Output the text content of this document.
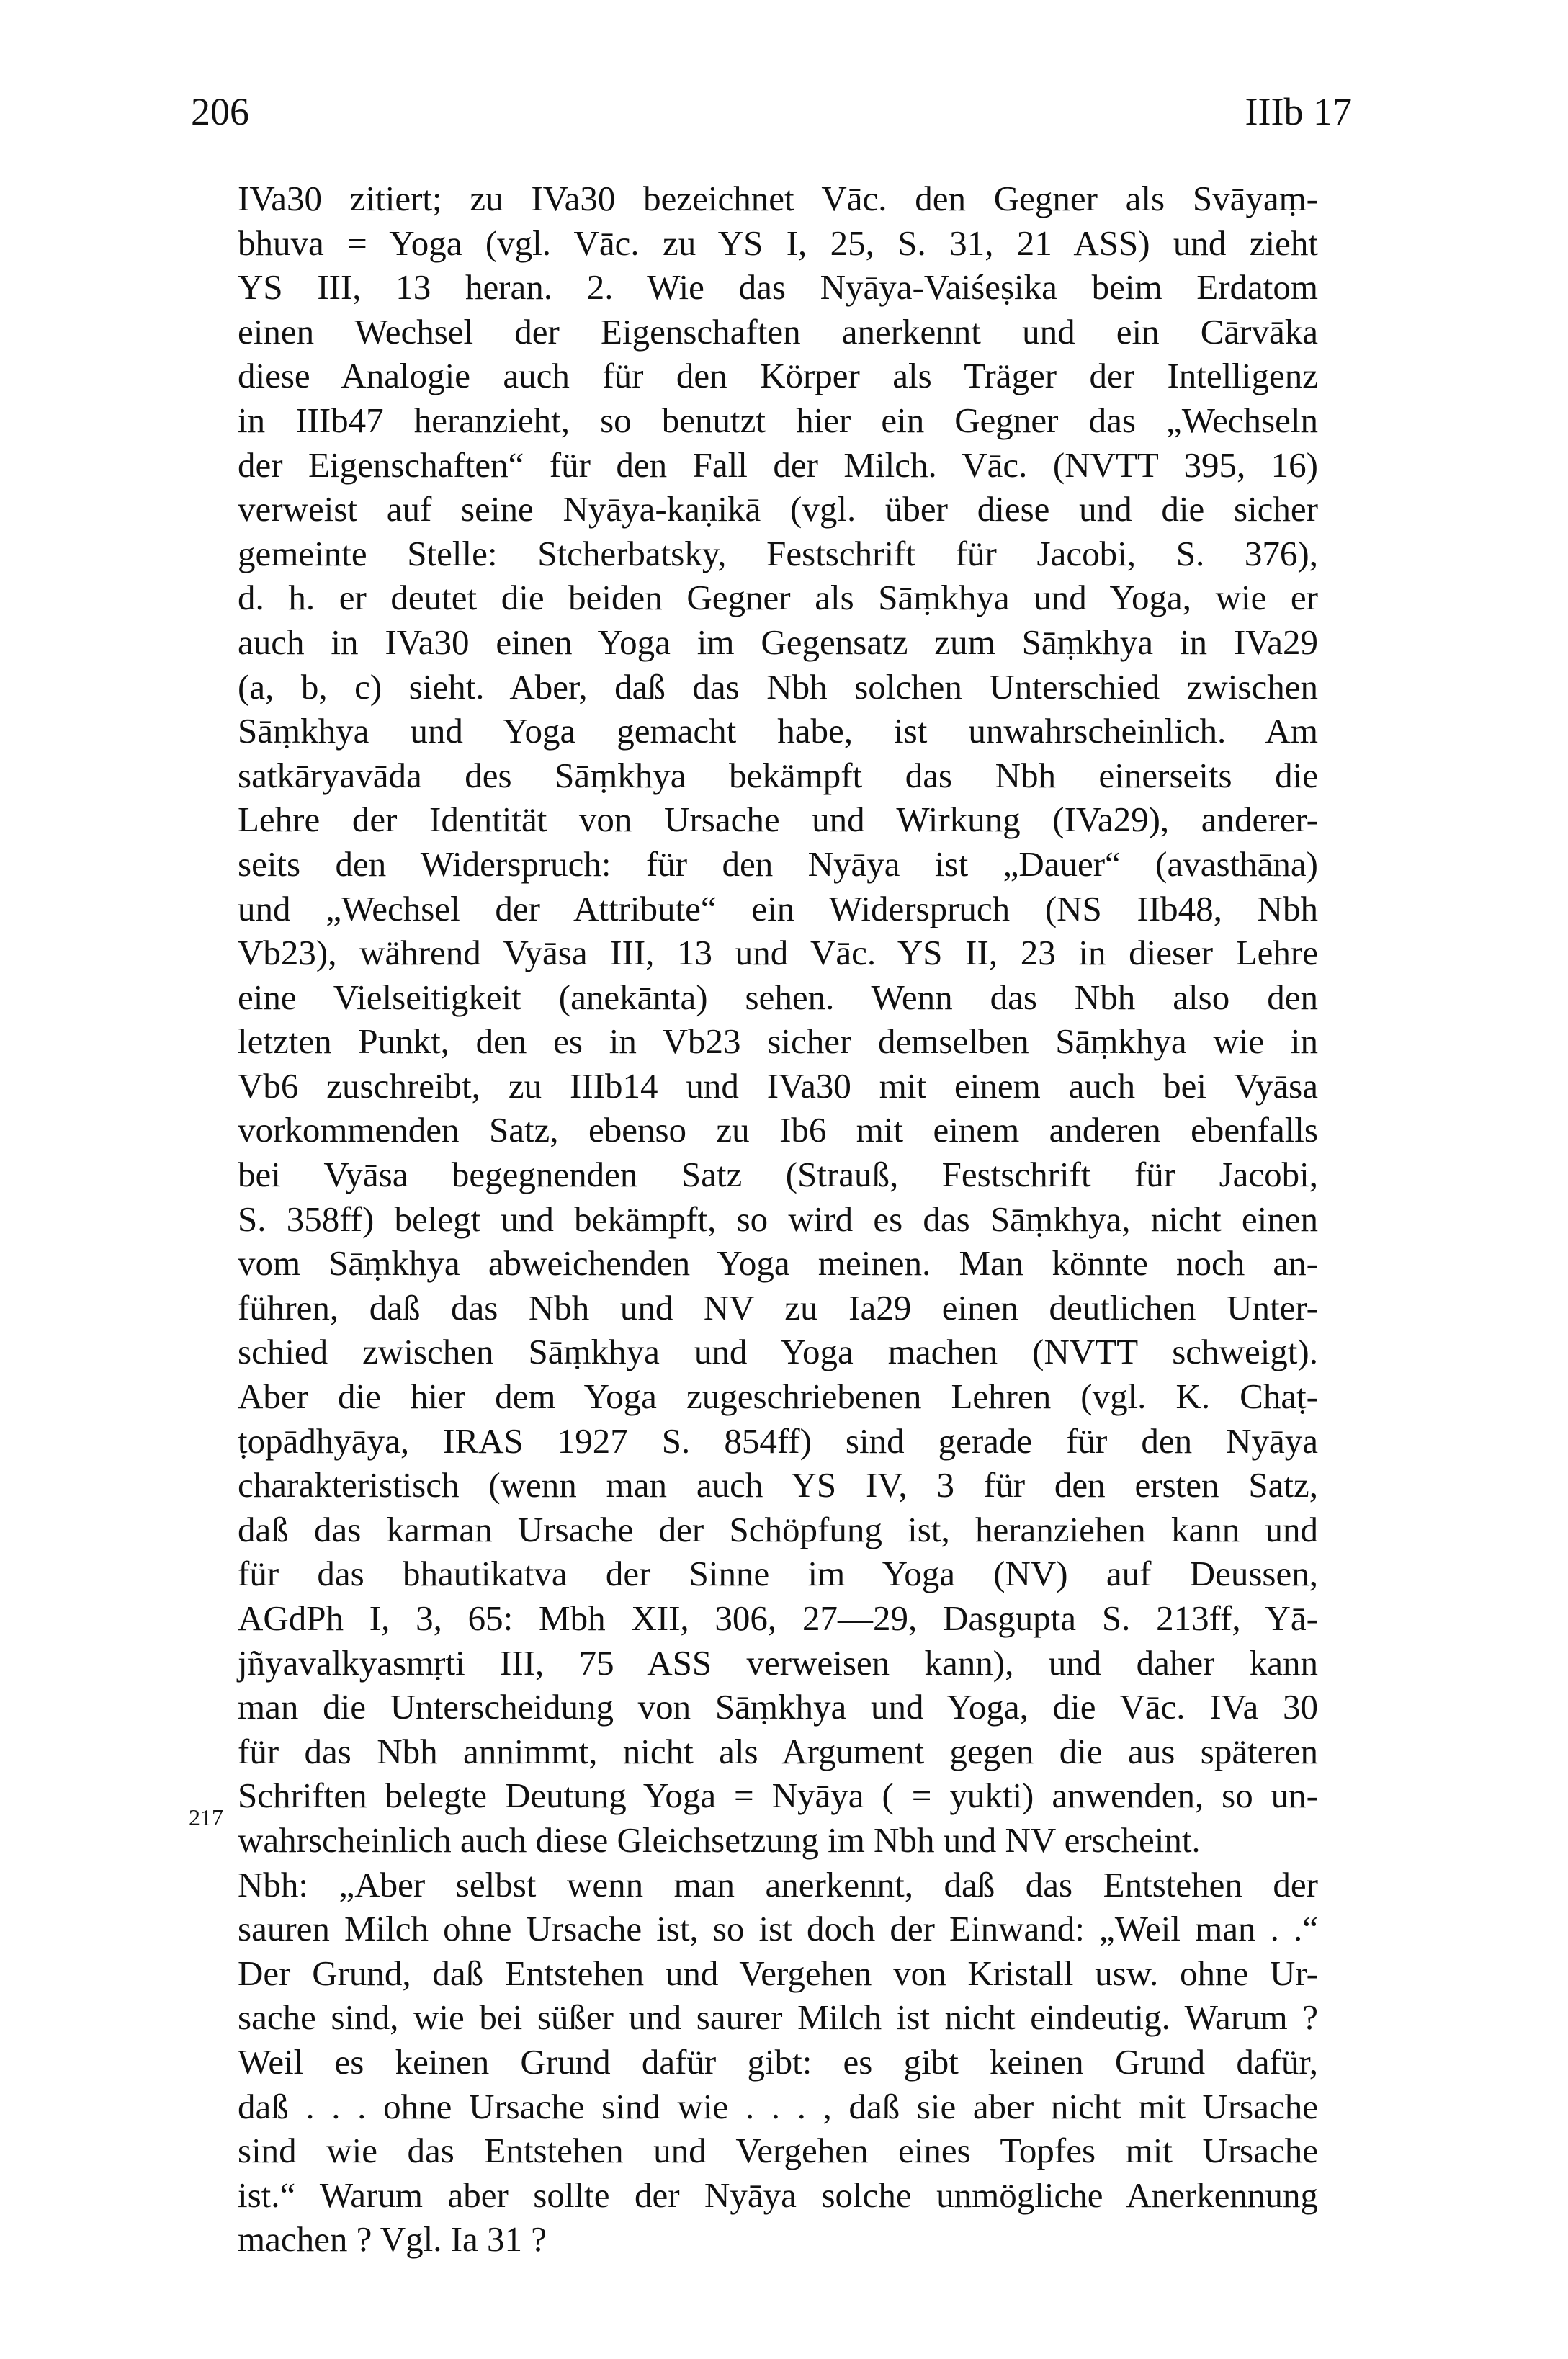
206	IIIb 17
217
IVa30 zitiert; zu IVa30 bezeichnet Vāc. den Gegner als Svāyaṃ-
bhuva = Yoga (vgl. Vāc. zu YS I, 25, S. 31, 21 ASS) und zieht
YS III, 13 heran. 2. Wie das Nyāya-Vaiśeṣika beim Erdatom
einen Wechsel der Eigenschaften anerkennt und ein Cārvāka
diese Analogie auch für den Körper als Träger der Intelligenz
in IIIb47 heranzieht, so benutzt hier ein Gegner das „Wechseln
der Eigenschaften“ für den Fall der Milch. Vāc. (NVTT 395, 16)
verweist auf seine Nyāya-kaṇikā (vgl. über diese und die sicher
gemeinte Stelle: Stcherbatsky, Festschrift für Jacobi, S. 376),
d. h. er deutet die beiden Gegner als Sāṃkhya und Yoga, wie er
auch in IVa30 einen Yoga im Gegensatz zum Sāṃkhya in IVa29
(a, b, c) sieht. Aber, daß das Nbh solchen Unterschied zwischen
Sāṃkhya und Yoga gemacht habe, ist unwahrscheinlich. Am
satkāryavāda des Sāṃkhya bekämpft das Nbh einerseits die
Lehre der Identität von Ursache und Wirkung (IVa29), anderer-
seits den Widerspruch: für den Nyāya ist „Dauer“ (avasthāna)
und „Wechsel der Attribute“ ein Widerspruch (NS IIb48, Nbh
Vb23), während Vyāsa III, 13 und Vāc. YS II, 23 in dieser Lehre
eine Vielseitigkeit (anekānta) sehen. Wenn das Nbh also den
letzten Punkt, den es in Vb23 sicher demselben Sāṃkhya wie in
Vb6 zuschreibt, zu IIIb14 und IVa30 mit einem auch bei Vyāsa
vorkommenden Satz, ebenso zu Ib6 mit einem anderen ebenfalls
bei Vyāsa begegnenden Satz (Strauß, Festschrift für Jacobi,
S. 358ff) belegt und bekämpft, so wird es das Sāṃkhya, nicht einen
vom Sāṃkhya abweichenden Yoga meinen. Man könnte noch an-
führen, daß das Nbh und NV zu Ia29 einen deutlichen Unter-
schied zwischen Sāṃkhya und Yoga machen (NVTT schweigt).
Aber die hier dem Yoga zugeschriebenen Lehren (vgl. K. Chaṭ-
ṭopādhyāya, IRAS 1927 S. 854ff) sind gerade für den Nyāya
charakteristisch (wenn man auch YS IV, 3 für den ersten Satz,
daß das karman Ursache der Schöpfung ist, heranziehen kann und
für das bhautikatva der Sinne im Yoga (NV) auf Deussen,
AGdPh I, 3, 65: Mbh XII, 306, 27—29, Dasgupta S. 213ff, Yā-
jñyavalkyasmṛti III, 75 ASS verweisen kann), und daher kann
man die Unterscheidung von Sāṃkhya und Yoga, die Vāc. IVa 30
für das Nbh annimmt, nicht als Argument gegen die aus späteren
Schriften belegte Deutung Yoga = Nyāya ( = yukti) anwenden, so un-
wahrscheinlich auch diese Gleichsetzung im Nbh und NV erscheint.
Nbh: „Aber selbst wenn man anerkennt, daß das Entstehen der
sauren Milch ohne Ursache ist, so ist doch der Einwand: „Weil man . .“
Der Grund, daß Entstehen und Vergehen von Kristall usw. ohne Ur-
sache sind, wie bei süßer und saurer Milch ist nicht eindeutig. Warum ?
Weil es keinen Grund dafür gibt: es gibt keinen Grund dafür,
daß . . . ohne Ursache sind wie . . . , daß sie aber nicht mit Ursache
sind wie das Entstehen und Vergehen eines Topfes mit Ursache
ist.“ Warum aber sollte der Nyāya solche unmögliche Anerkennung
machen ? Vgl. Ia 31 ?
